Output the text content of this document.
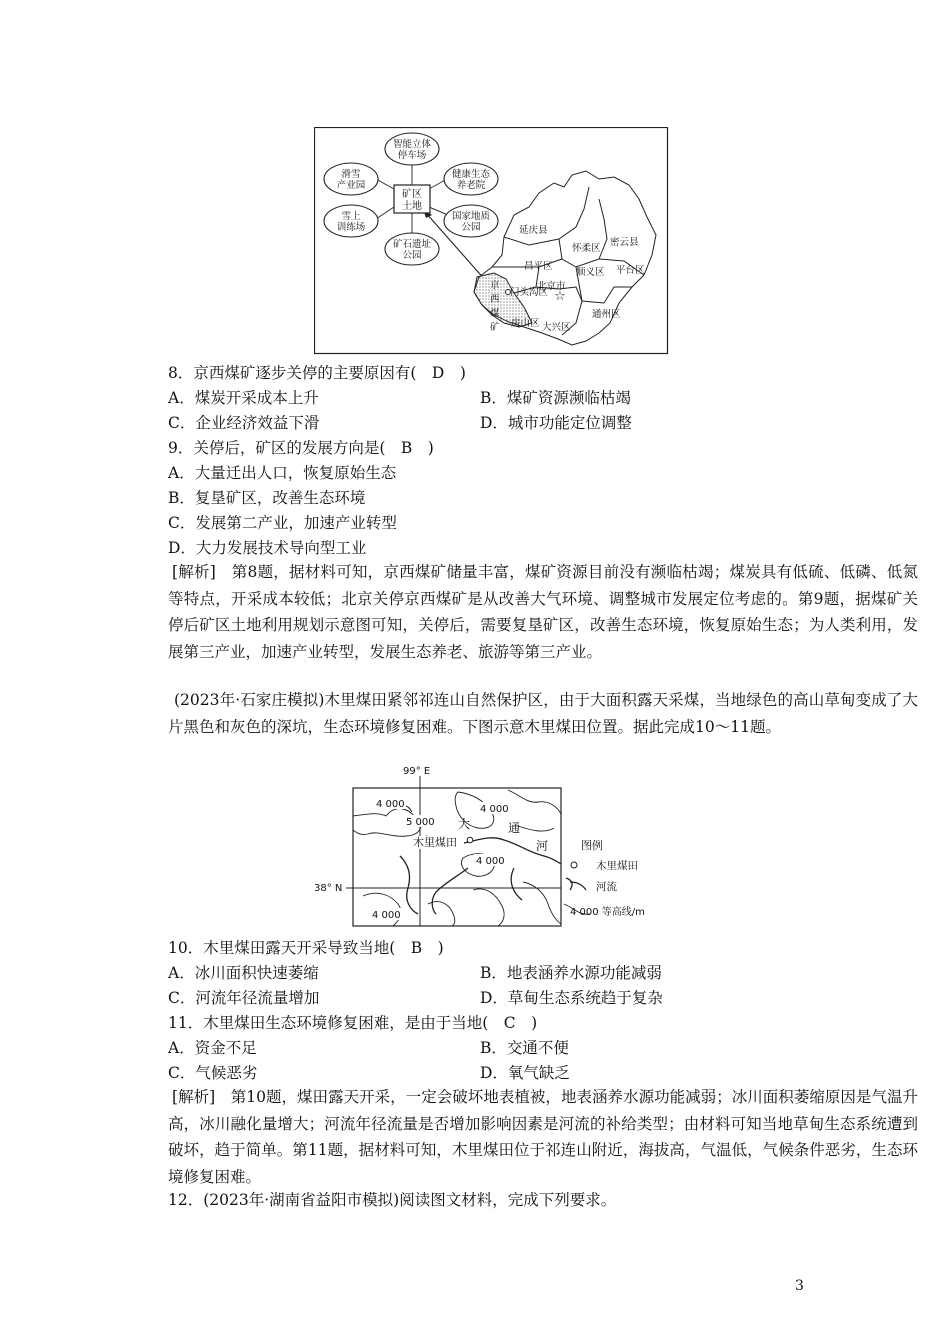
矿区
土地
智能立体
停车场
健康生态
养老院
国家地质
公园
矿石遗址
公园
雪上
训练场
滑雪
产业园
延庆县
怀柔区
密云县
昌平区
顺义区 平台区
门头沟区
北京市
通州区
房山区 大兴区
京
西
煤
矿
☆
8．京西煤矿逐步关停的主要原因有(　D　)
A．煤炭开采成本上升	B．煤矿资源濒临枯竭
C．企业经济效益下滑	D．城市功能定位调整
9．关停后，矿区的发展方向是(　B　)
A．大量迁出人口，恢复原始生态
B．复垦矿区，改善生态环境
C．发展第二产业，加速产业转型
D．大力发展技术导向型工业
[解析]　第8题，据材料可知，京西煤矿储量丰富，煤矿资源目前没有濒临枯竭；煤炭具有低硫、低磷、低氮等特点，开采成本较低；北京关停京西煤矿是从改善大气环境、调整城市发展定位考虑的。第9题，据煤矿关停后矿区土地利用规划示意图可知，关停后，需要复垦矿区，改善生态环境，恢复原始生态；为人类利用，发展第三产业，加速产业转型，发展生态养老、旅游等第三产业。
(2023年·石家庄模拟)木里煤田紧邻祁连山自然保护区，由于大面积露天采煤，当地绿色的高山草甸变成了大片黑色和灰色的深坑，生态环境修复困难。下图示意木里煤田位置。据此完成10～11题。
99° E
38° N
4 000	4 000
5 000
4 000
4 000
木里煤田
大	通
河	图例
木里煤田
河流
4 000 等高线/m
10．木里煤田露天开采导致当地(　B　)
A．冰川面积快速萎缩	B．地表涵养水源功能减弱
C．河流年径流量增加	D．草甸生态系统趋于复杂
11．木里煤田生态环境修复困难，是由于当地(　C　)
A．资金不足	B．交通不便
C．气候恶劣	D．氧气缺乏
[解析]　第10题，煤田露天开采，一定会破坏地表植被，地表涵养水源功能减弱；冰川面积萎缩原因是气温升高，冰川融化量增大；河流年径流量是否增加影响因素是河流的补给类型；由材料可知当地草甸生态系统遭到破坏，趋于简单。第11题，据材料可知，木里煤田位于祁连山附近，海拔高，气温低，气候条件恶劣，生态环境修复困难。
12．(2023年·湖南省益阳市模拟)阅读图文材料，完成下列要求。
3
